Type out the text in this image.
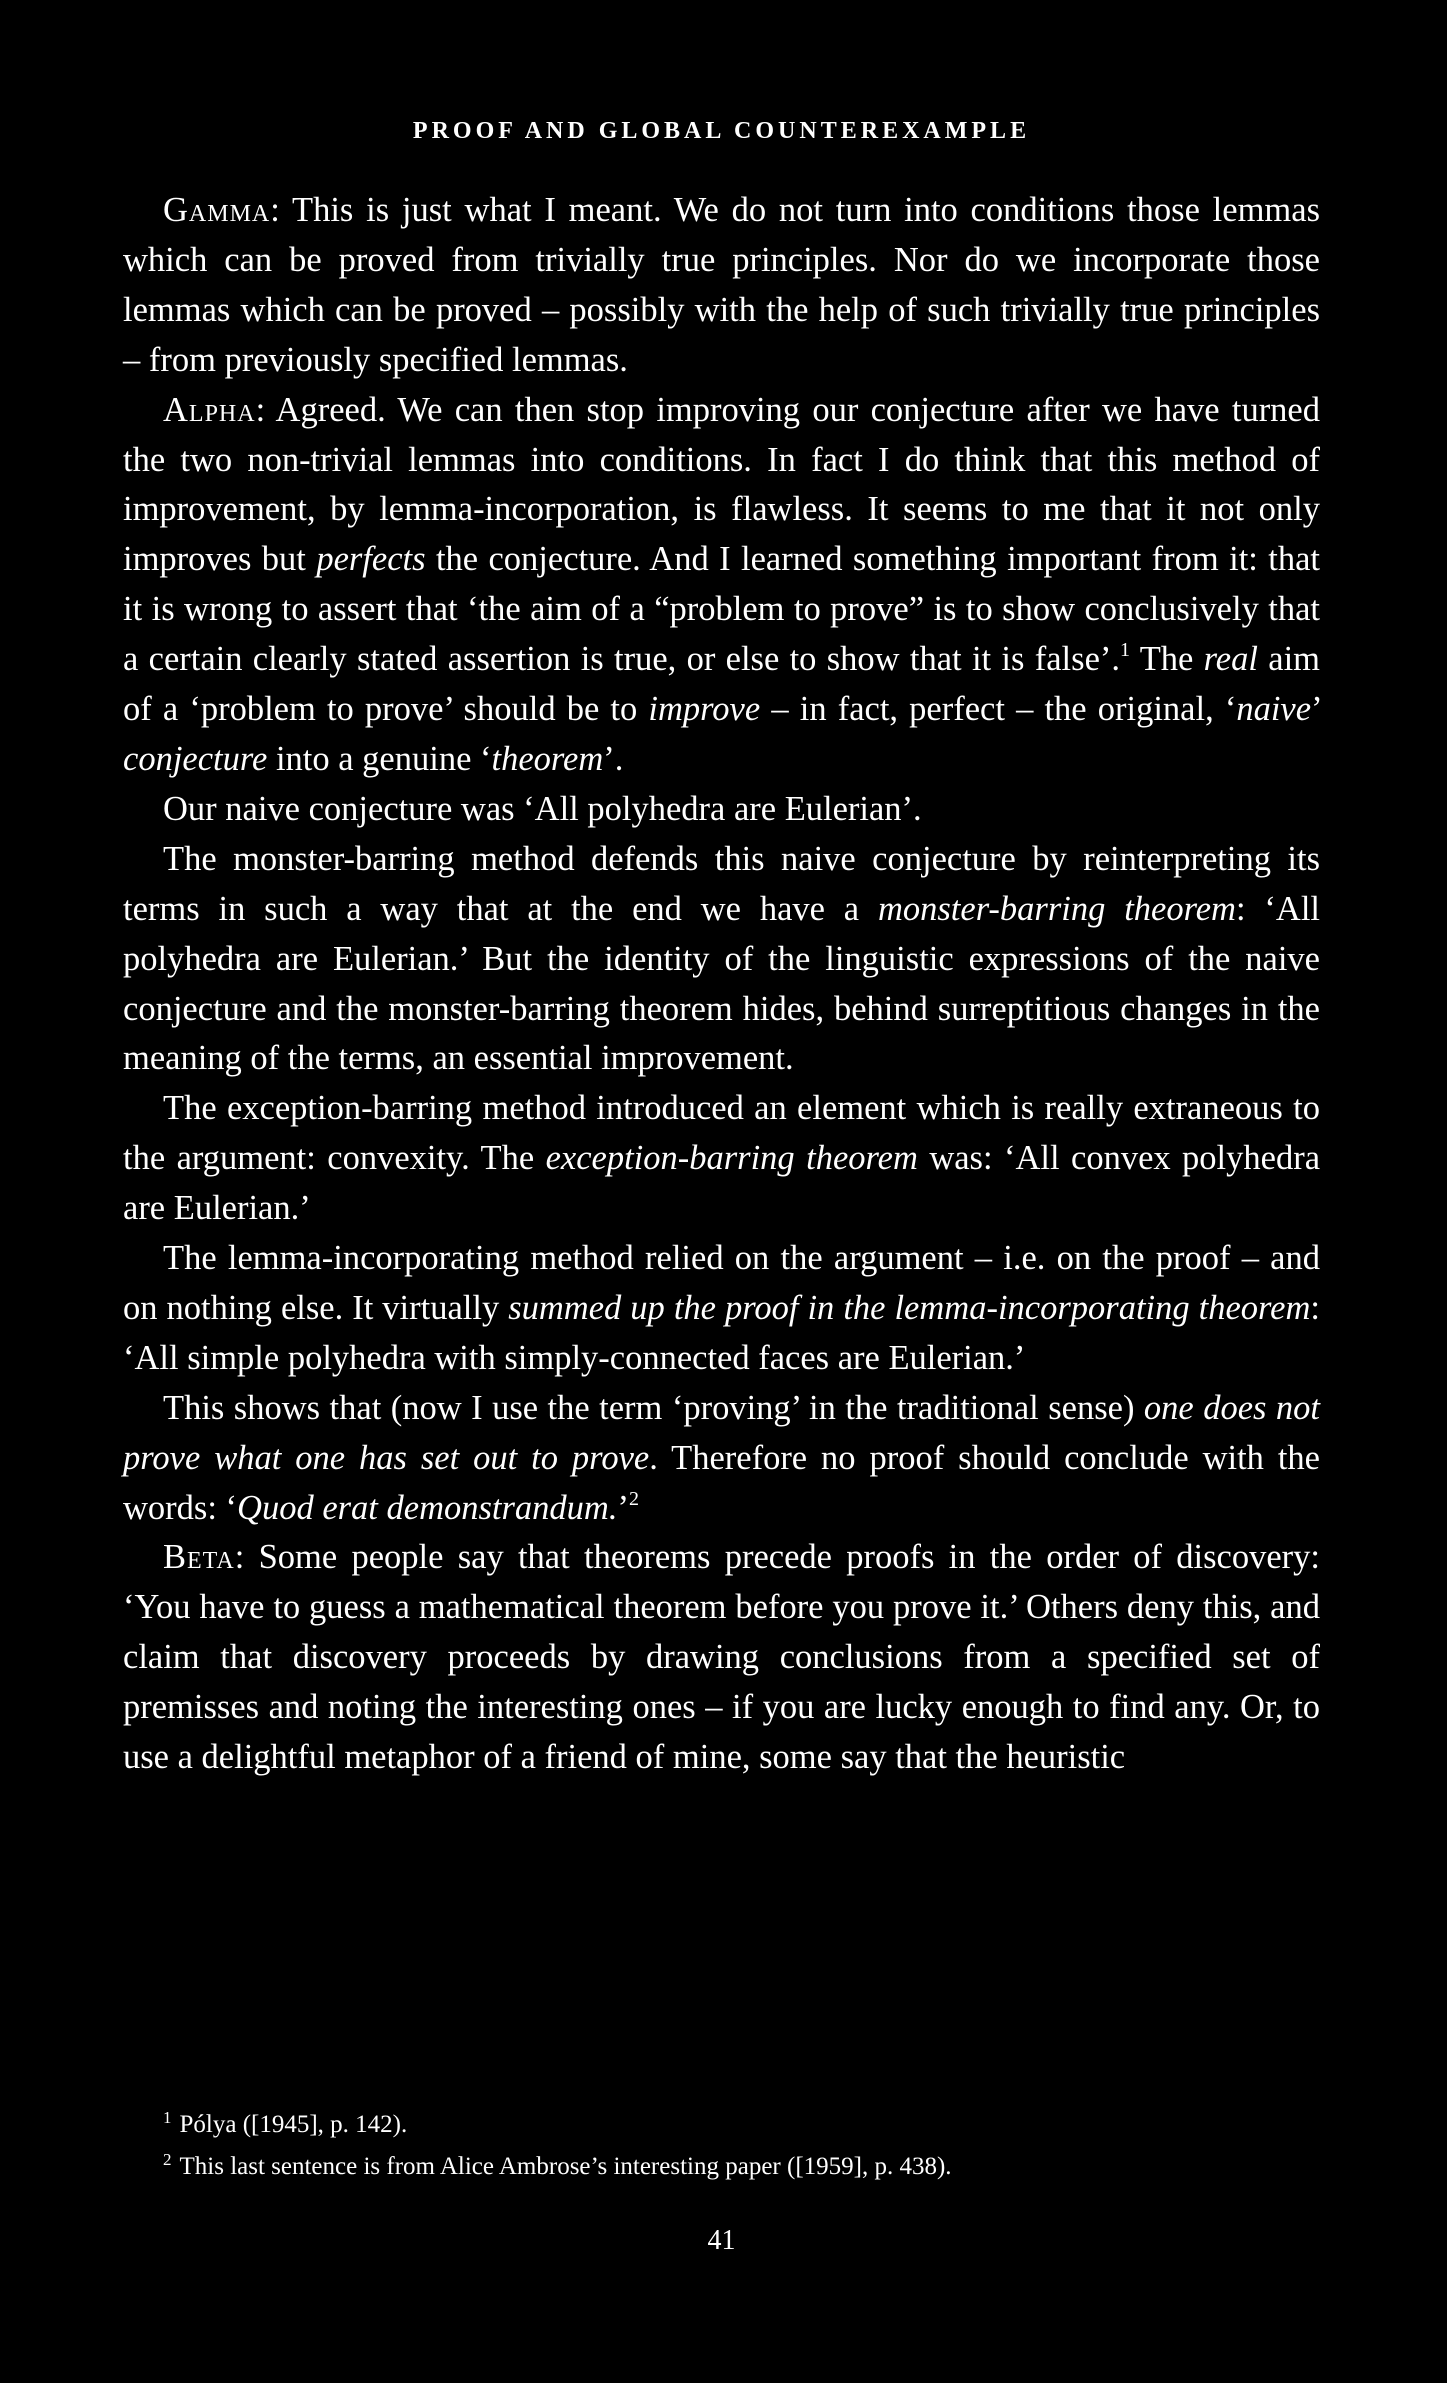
PROOF AND GLOBAL COUNTEREXAMPLE

Gamma: This is just what I meant. We do not turn into conditions those lemmas which can be proved from trivially true principles. Nor do we incorporate those lemmas which can be proved – possibly with the help of such trivially true principles – from previously specified lemmas.

Alpha: Agreed. We can then stop improving our conjecture after we have turned the two non-trivial lemmas into conditions. In fact I do think that this method of improvement, by lemma-incorporation, is flawless. It seems to me that it not only improves but perfects the conjecture. And I learned something important from it: that it is wrong to assert that ‘the aim of a “problem to prove” is to show conclusively that a certain clearly stated assertion is true, or else to show that it is false’.$^1$ The real aim of a ‘problem to prove’ should be to improve – in fact, perfect – the original, ‘naive’ conjecture into a genuine ‘theorem’.

Our naive conjecture was ‘All polyhedra are Eulerian’.

The monster-barring method defends this naive conjecture by reinterpreting its terms in such a way that at the end we have a monster-barring theorem: ‘All polyhedra are Eulerian.’ But the identity of the linguistic expressions of the naive conjecture and the monster-barring theorem hides, behind surreptitious changes in the meaning of the terms, an essential improvement.

The exception-barring method introduced an element which is really extraneous to the argument: convexity. The exception-barring theorem was: ‘All convex polyhedra are Eulerian.’

The lemma-incorporating method relied on the argument – i.e. on the proof – and on nothing else. It virtually summed up the proof in the lemma-incorporating theorem: ‘All simple polyhedra with simply-connected faces are Eulerian.’

This shows that (now I use the term ‘proving’ in the traditional sense) one does not prove what one has set out to prove. Therefore no proof should conclude with the words: ‘Quod erat demonstrandum.’$^2$

Beta: Some people say that theorems precede proofs in the order of discovery: ‘You have to guess a mathematical theorem before you prove it.’ Others deny this, and claim that discovery proceeds by drawing conclusions from a specified set of premisses and noting the interesting ones – if you are lucky enough to find any. Or, to use a delightful metaphor of a friend of mine, some say that the heuristic

$^1$ Pólya ([1945], p. 142).

$^2$ This last sentence is from Alice Ambrose’s interesting paper ([1959], p. 438).

41
